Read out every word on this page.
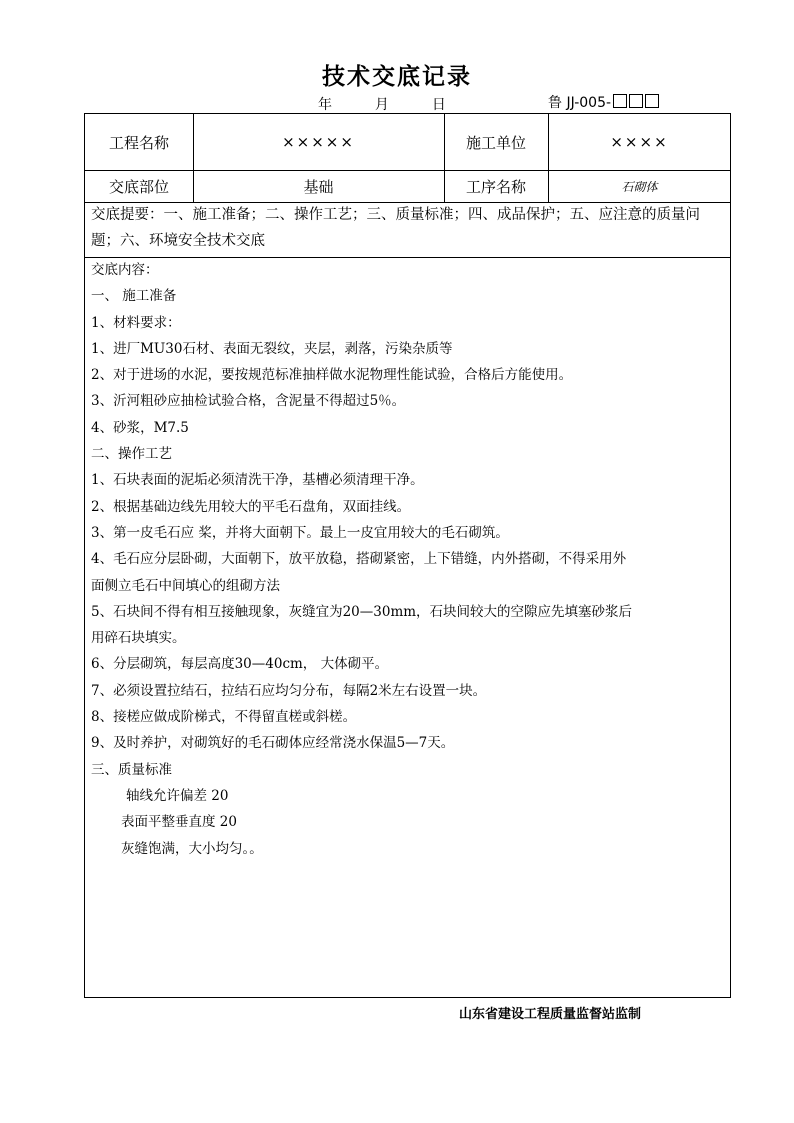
技术交底记录
年	月	日	鲁 JJ-005-
工程名称	×××××	施工单位	××××
交底部位	基础	工序名称	石砌体
交底提要：一、施工准备；二、操作工艺；三、质量标准；四、成品保护；五、应注意的质量问题；六、环境安全技术交底
交底内容：
一、 施工准备
1、材料要求：
1、进厂MU30石材、表面无裂纹，夹层，剥落，污染杂质等
2、对于进场的水泥，要按规范标准抽样做水泥物理性能试验，合格后方能使用。
3、沂河粗砂应抽检试验合格，含泥量不得超过5％。
4、砂浆，M7.5
二、操作工艺
1、石块表面的泥垢必须清洗干净，基槽必须清理干净。
2、根据基础边线先用较大的平毛石盘角，双面挂线。
3、第一皮毛石应 桨，并将大面朝下。最上一皮宜用较大的毛石砌筑。
4、毛石应分层卧砌，大面朝下，放平放稳，搭砌紧密，上下错缝，内外搭砌，不得采用外
面侧立毛石中间填心的组砌方法
5、石块间不得有相互接触现象，灰缝宜为20—30mm，石块间较大的空隙应先填塞砂浆后
用碎石块填实。
6、分层砌筑，每层高度30—40cm， 大体砌平。
7、必须设置拉结石，拉结石应均匀分布，每隔2米左右设置一块。
8、接槎应做成阶梯式，不得留直槎或斜槎。
9、及时养护，对砌筑好的毛石砌体应经常浇水保温5—7天。
三、质量标准
轴线允许偏差 20
表面平整垂直度 20
灰缝饱满，大小均匀。。
山东省建设工程质量监督站监制
